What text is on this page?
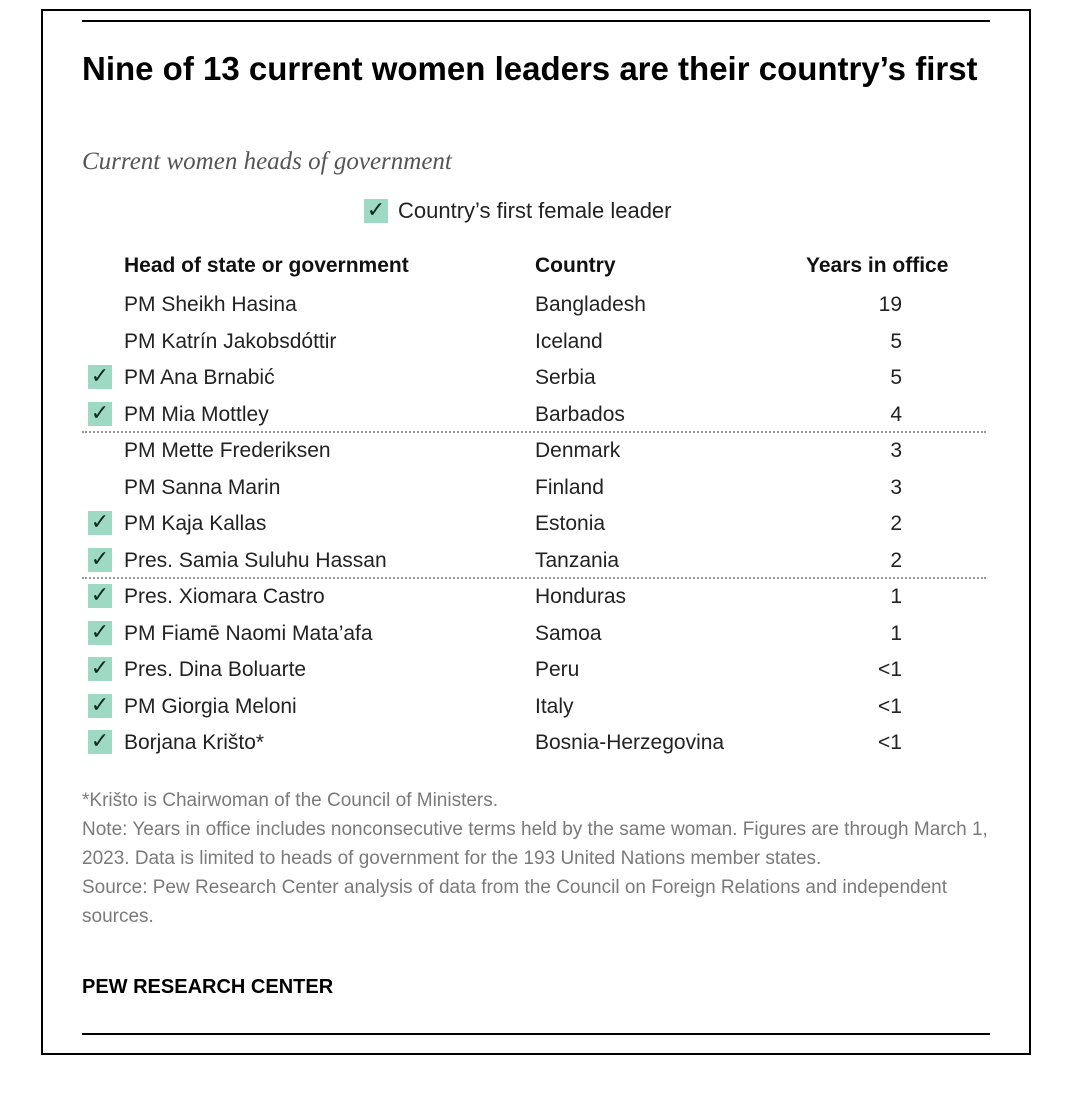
Nine of 13 current women leaders are their country’s first

Current women heads of government

✓ Country’s first female leader
Head of state or government	Country	Years in office
PM Sheikh Hasina	Bangladesh	19
PM Katrín Jakobsdóttir	Iceland	5
✓ PM Ana Brnabić	Serbia	5
✓ PM Mia Mottley	Barbados	4
PM Mette Frederiksen	Denmark	3
PM Sanna Marin	Finland	3
✓ PM Kaja Kallas	Estonia	2
✓ Pres. Samia Suluhu Hassan	Tanzania	2
✓ Pres. Xiomara Castro	Honduras	1
✓ PM Fiamē Naomi Mata’afa	Samoa	1
✓ Pres. Dina Boluarte	Peru	<1
✓ PM Giorgia Meloni	Italy	<1
✓ Borjana Krišto*	Bosnia-Herzegovina	<1

*Krišto is Chairwoman of the Council of Ministers.

Note: Years in office includes nonconsecutive terms held by the same woman. Figures are through March 1, 2023. Data is limited to heads of government for the 193 United Nations member states.

Source: Pew Research Center analysis of data from the Council on Foreign Relations and independent sources.

PEW RESEARCH CENTER
